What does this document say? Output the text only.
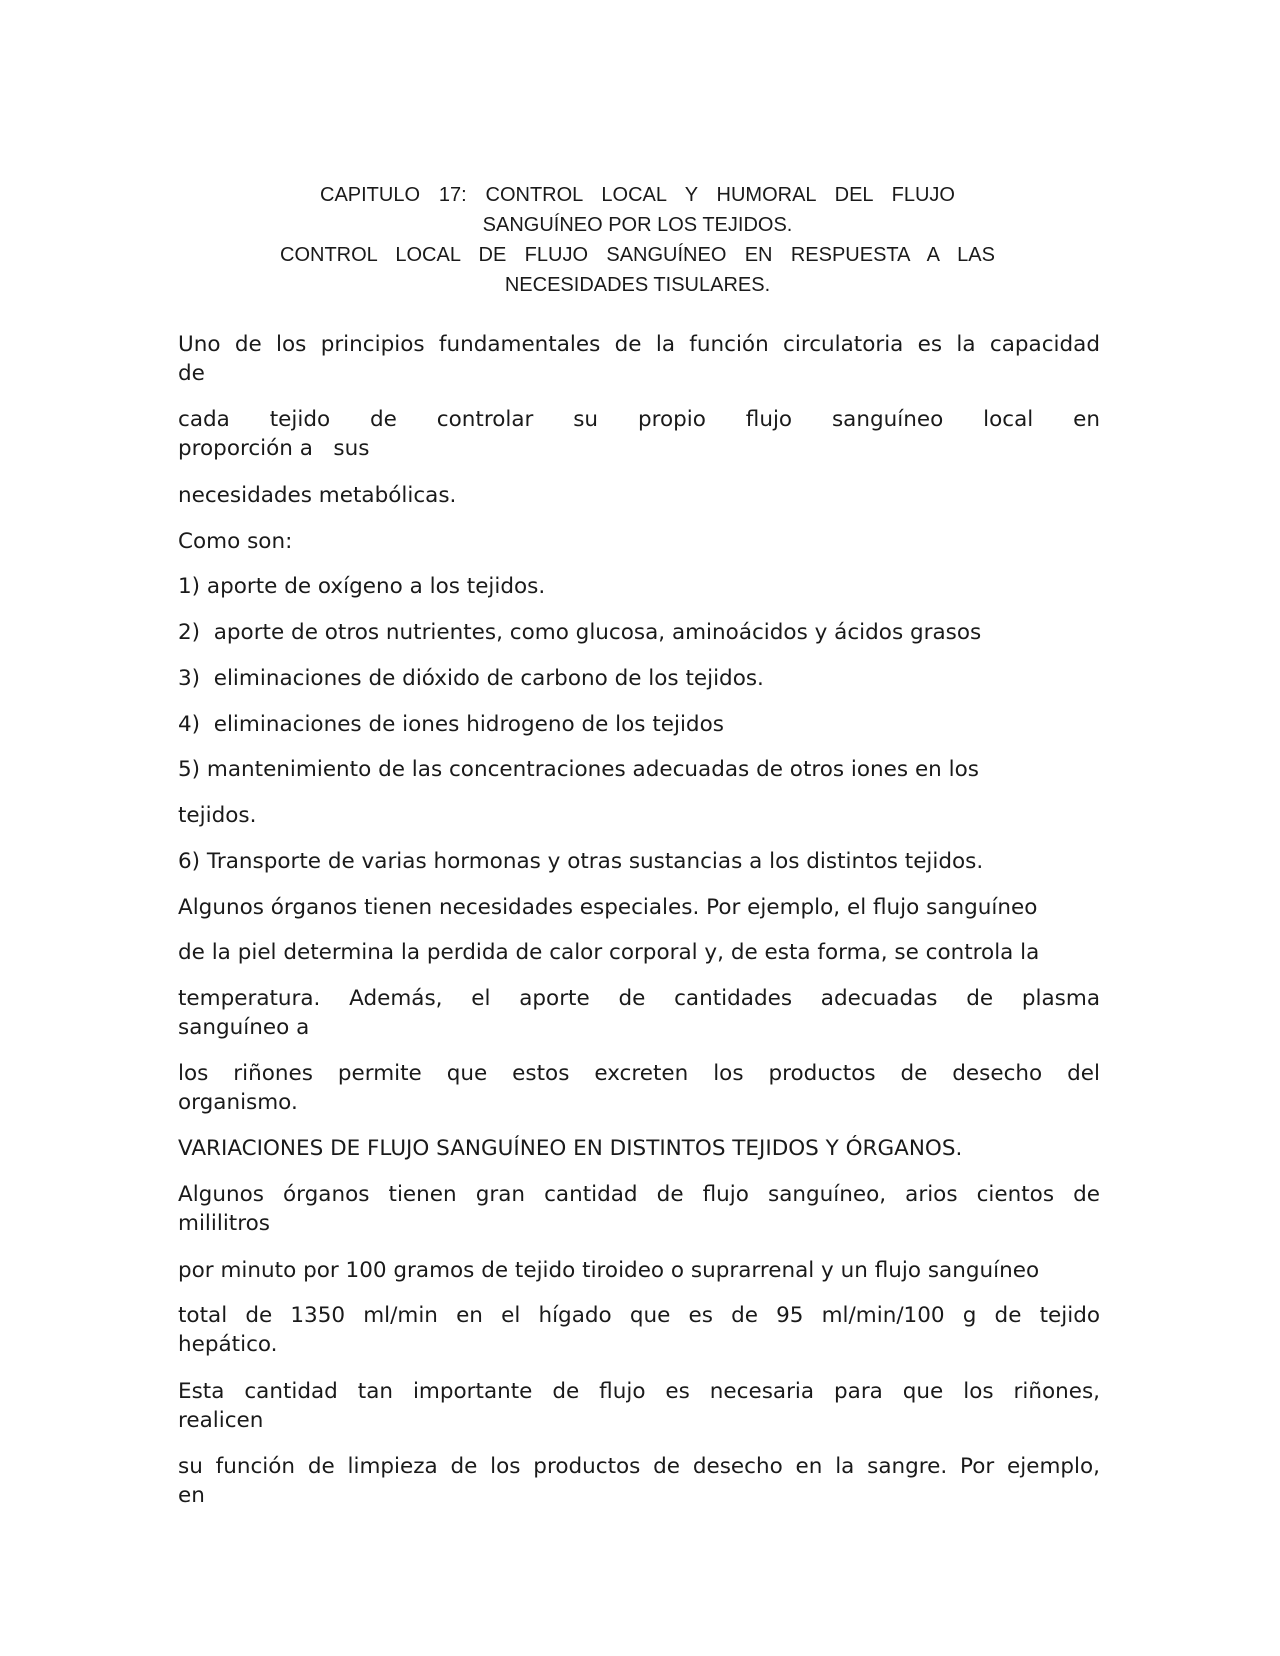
CAPITULO 17: CONTROL LOCAL Y HUMORAL DEL FLUJO
SANGUÍNEO POR LOS TEJIDOS.
CONTROL LOCAL DE FLUJO SANGUÍNEO EN RESPUESTA A LAS
NECESIDADES TISULARES.

Uno de los principios fundamentales de la función circulatoria es la capacidad
de

cada tejido de controlar su propio flujo sanguíneo local en
proporción a   sus

necesidades metabólicas.

Como son:

1) aporte de oxígeno a los tejidos.

2)  aporte de otros nutrientes, como glucosa, aminoácidos y ácidos grasos

3)  eliminaciones de dióxido de carbono de los tejidos.

4)  eliminaciones de iones hidrogeno de los tejidos

5) mantenimiento de las concentraciones adecuadas de otros iones en los

tejidos.

6) Transporte de varias hormonas y otras sustancias a los distintos tejidos.

Algunos órganos tienen necesidades especiales. Por ejemplo, el flujo sanguíneo

de la piel determina la perdida de calor corporal y, de esta forma, se controla la

temperatura. Además, el aporte de cantidades adecuadas de plasma
sanguíneo a

los riñones permite que estos excreten los productos de desecho del
organismo.

VARIACIONES DE FLUJO SANGUÍNEO EN DISTINTOS TEJIDOS Y ÓRGANOS.

Algunos órganos tienen gran cantidad de flujo sanguíneo, arios cientos de
mililitros

por minuto por 100 gramos de tejido tiroideo o suprarrenal y un flujo sanguíneo

total de 1350 ml/min en el hígado que es de 95 ml/min/100 g de tejido
hepático.

Esta cantidad tan importante de flujo es necesaria para que los riñones,
realicen

su función de limpieza de los productos de desecho en la sangre. Por ejemplo,
en
